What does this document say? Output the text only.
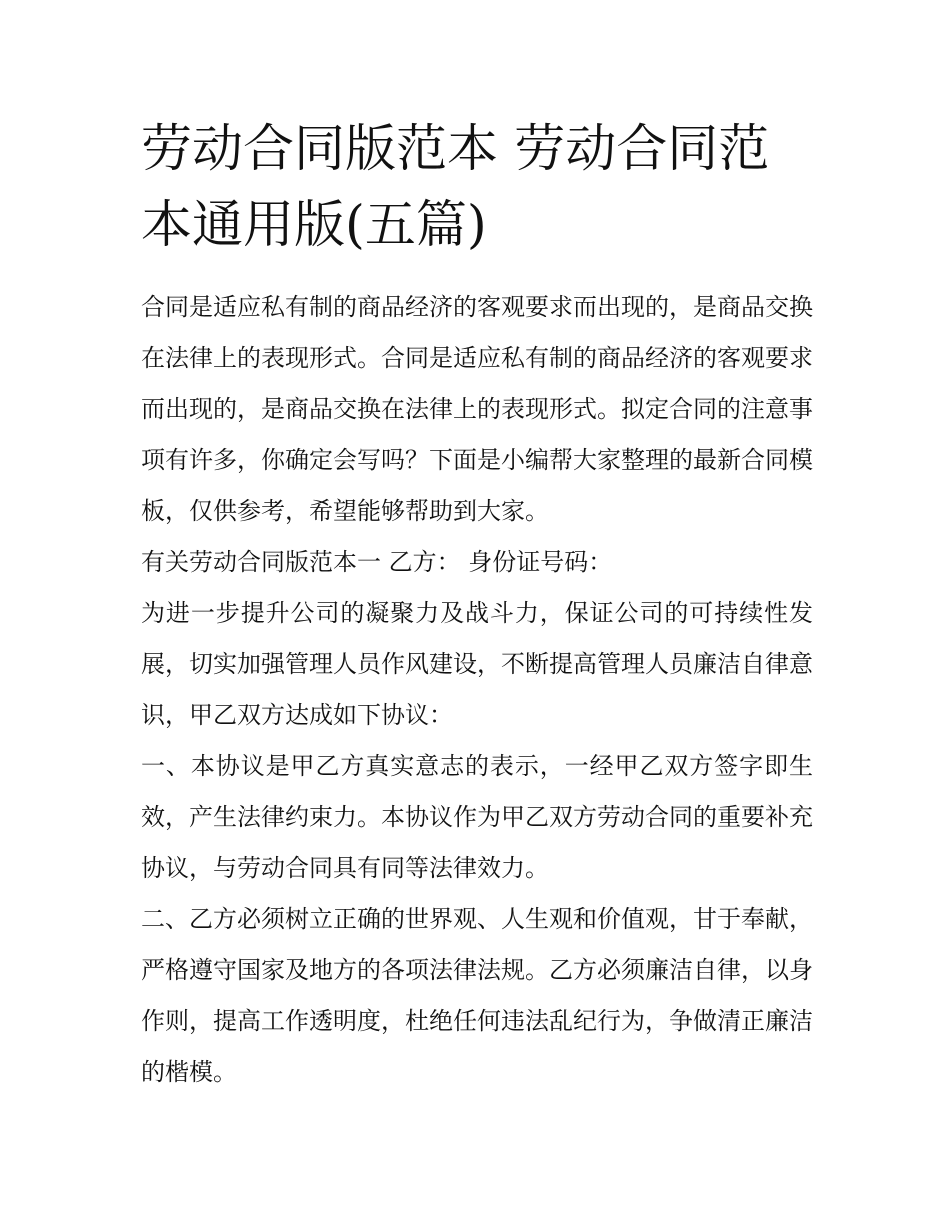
劳动合同版范本 劳动合同范本通用版(五篇)

合同是适应私有制的商品经济的客观要求而出现的，是商品交换在法律上的表现形式。合同是适应私有制的商品经济的客观要求而出现的，是商品交换在法律上的表现形式。拟定合同的注意事项有许多，你确定会写吗？下面是小编帮大家整理的最新合同模板，仅供参考，希望能够帮助到大家。

有关劳动合同版范本一 乙方： 身份证号码：

为进一步提升公司的凝聚力及战斗力，保证公司的可持续性发展，切实加强管理人员作风建设，不断提高管理人员廉洁自律意识，甲乙双方达成如下协议：

一、本协议是甲乙方真实意志的表示，一经甲乙双方签字即生效，产生法律约束力。本协议作为甲乙双方劳动合同的重要补充协议，与劳动合同具有同等法律效力。

二、乙方必须树立正确的世界观、人生观和价值观，甘于奉献，严格遵守国家及地方的各项法律法规。乙方必须廉洁自律，以身作则，提高工作透明度，杜绝任何违法乱纪行为，争做清正廉洁的楷模。
